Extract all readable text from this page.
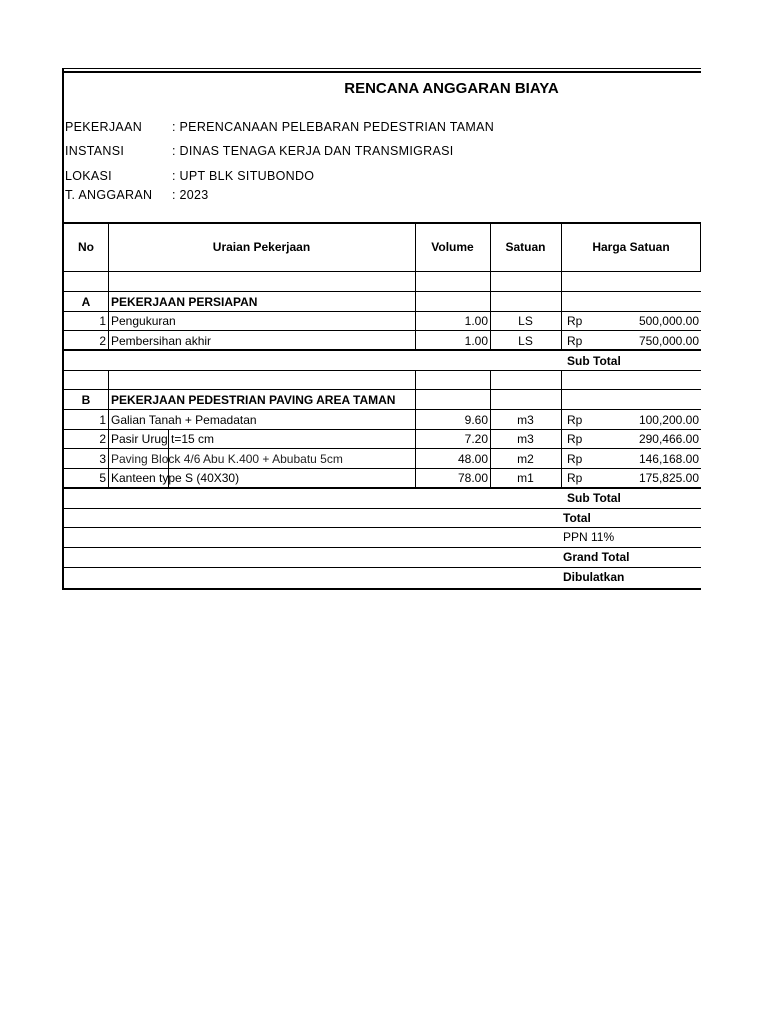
RENCANA ANGGARAN BIAYA
PEKERJAAN : PERENCANAAN PELEBARAN PEDESTRIAN TAMAN
INSTANSI	: DINAS TENAGA KERJA DAN TRANSMIGRASI
LOKASI	: UPT BLK SITUBONDO
T. ANGGARAN : 2023
No	Uraian Pekerjaan	Volume	Satuan	Harga Satuan
A	PEKERJAAN PERSIAPAN
1 Pengukuran	1.00	LS	Rp	500,000.00
2 Pembersihan akhir	1.00	LS	Rp	750,000.00
Sub Total
B	PEKERJAAN PEDESTRIAN PAVING AREA TAMAN
1 Galian Tanah + Pemadatan	9.60	m3	Rp	100,200.00
2 Pasir Urug t=15 cm	7.20	m3	Rp	290,466.00
3 Paving Block 4/6 Abu K.400 + Abubatu 5cm	48.00	m2	Rp	146,168.00
5 Kanteen type S (40X30)	78.00	m1	Rp	175,825.00
Sub Total
Total
PPN 11%
Grand Total
Dibulatkan
